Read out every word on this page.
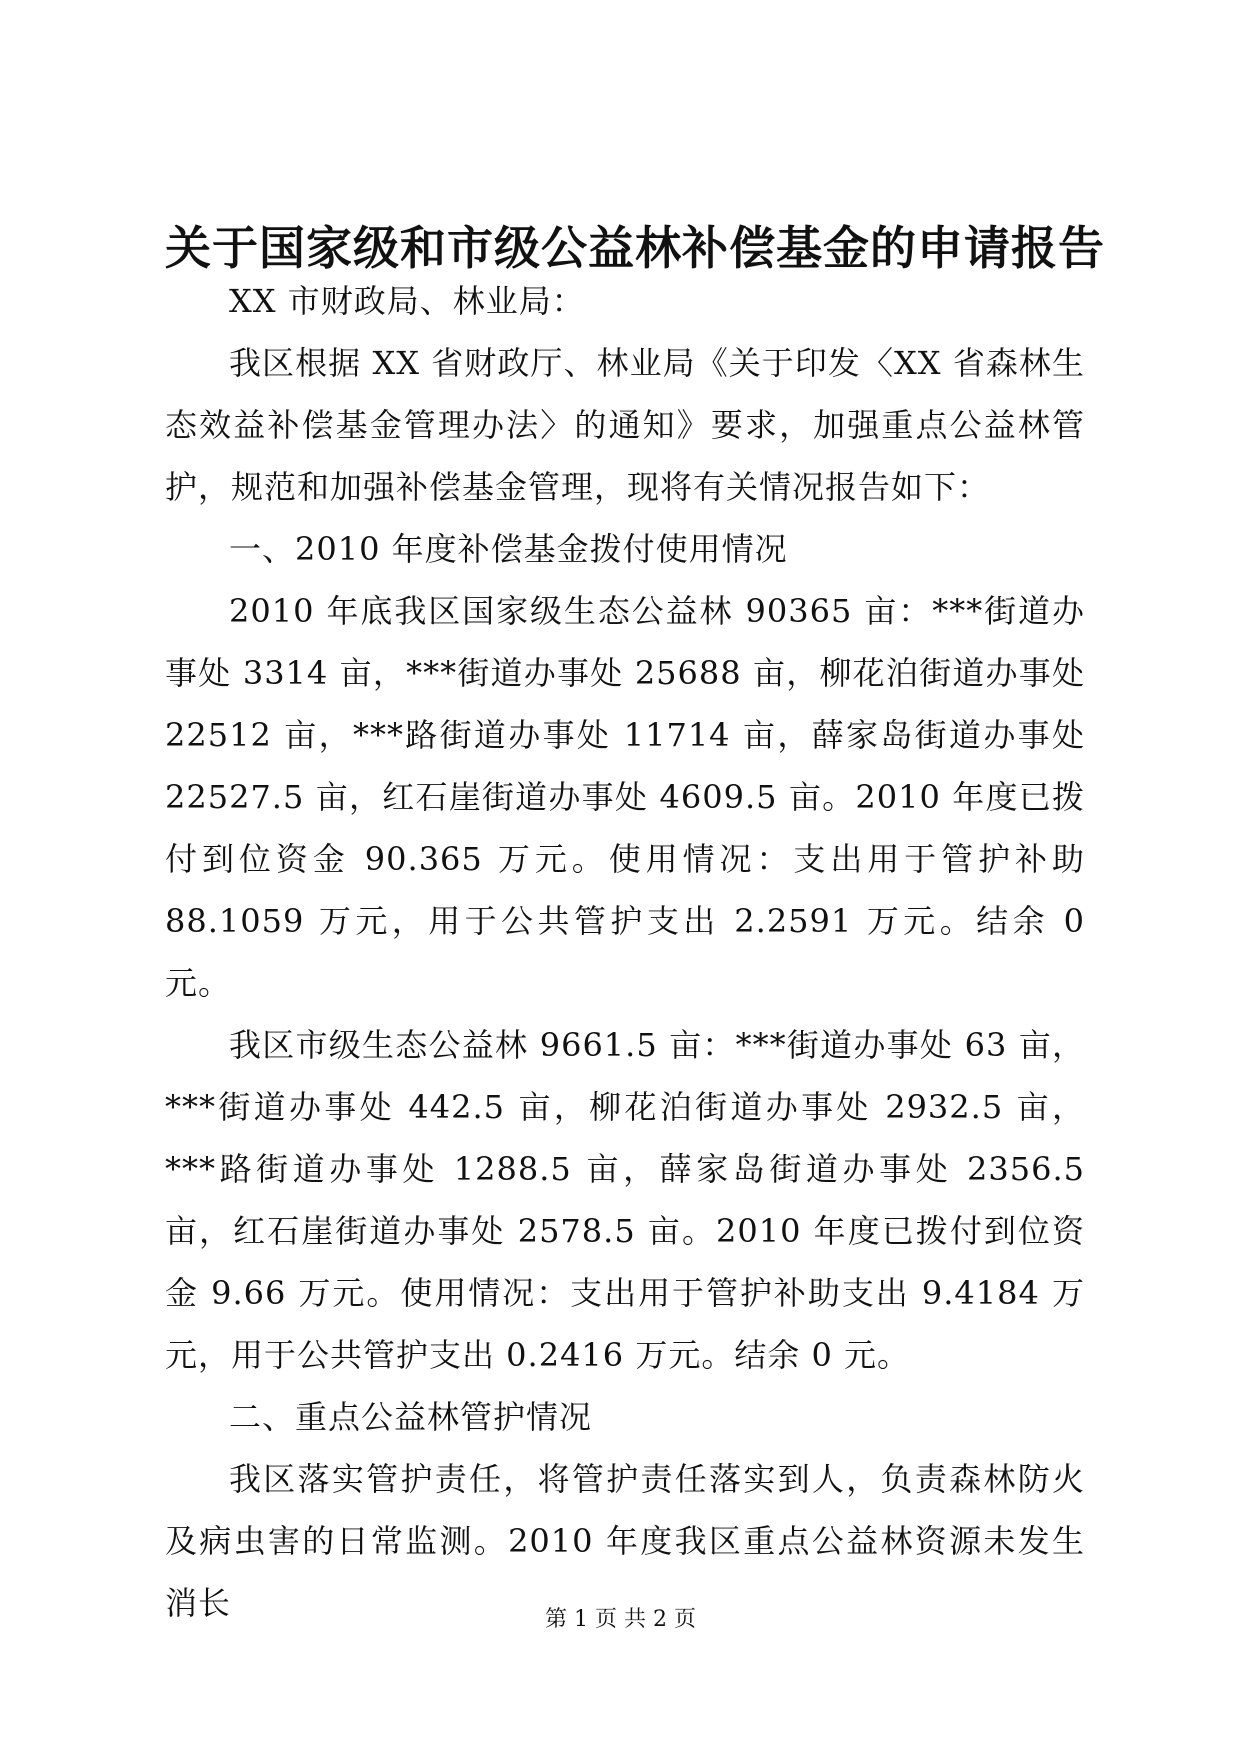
关于国家级和市级公益林补偿基金的申请报告

XX 市财政局、林业局：

我区根据 XX 省财政厅、林业局《关于印发〈XX 省森林生态效益补偿基金管理办法〉的通知》要求，加强重点公益林管护，规范和加强补偿基金管理，现将有关情况报告如下：

一、2010 年度补偿基金拨付使用情况

2010 年底我区国家级生态公益林 90365 亩：***街道办事处 3314 亩，***街道办事处 25688 亩，柳花泊街道办事处 22512 亩，***路街道办事处 11714 亩，薛家岛街道办事处 22527.5 亩，红石崖街道办事处 4609.5 亩。2010 年度已拨付到位资金 90.365 万元。使用情况：支出用于管护补助 88.1059 万元，用于公共管护支出 2.2591 万元。结余 0 元。

我区市级生态公益林 9661.5 亩：***街道办事处 63 亩，***街道办事处 442.5 亩，柳花泊街道办事处 2932.5 亩，***路街道办事处 1288.5 亩，薛家岛街道办事处 2356.5 亩，红石崖街道办事处 2578.5 亩。2010 年度已拨付到位资金 9.66 万元。使用情况：支出用于管护补助支出 9.4184 万元，用于公共管护支出 0.2416 万元。结余 0 元。

二、重点公益林管护情况

我区落实管护责任，将管护责任落实到人，负责森林防火及病虫害的日常监测。2010 年度我区重点公益林资源未发生消长	第 1 页 共 2 页
